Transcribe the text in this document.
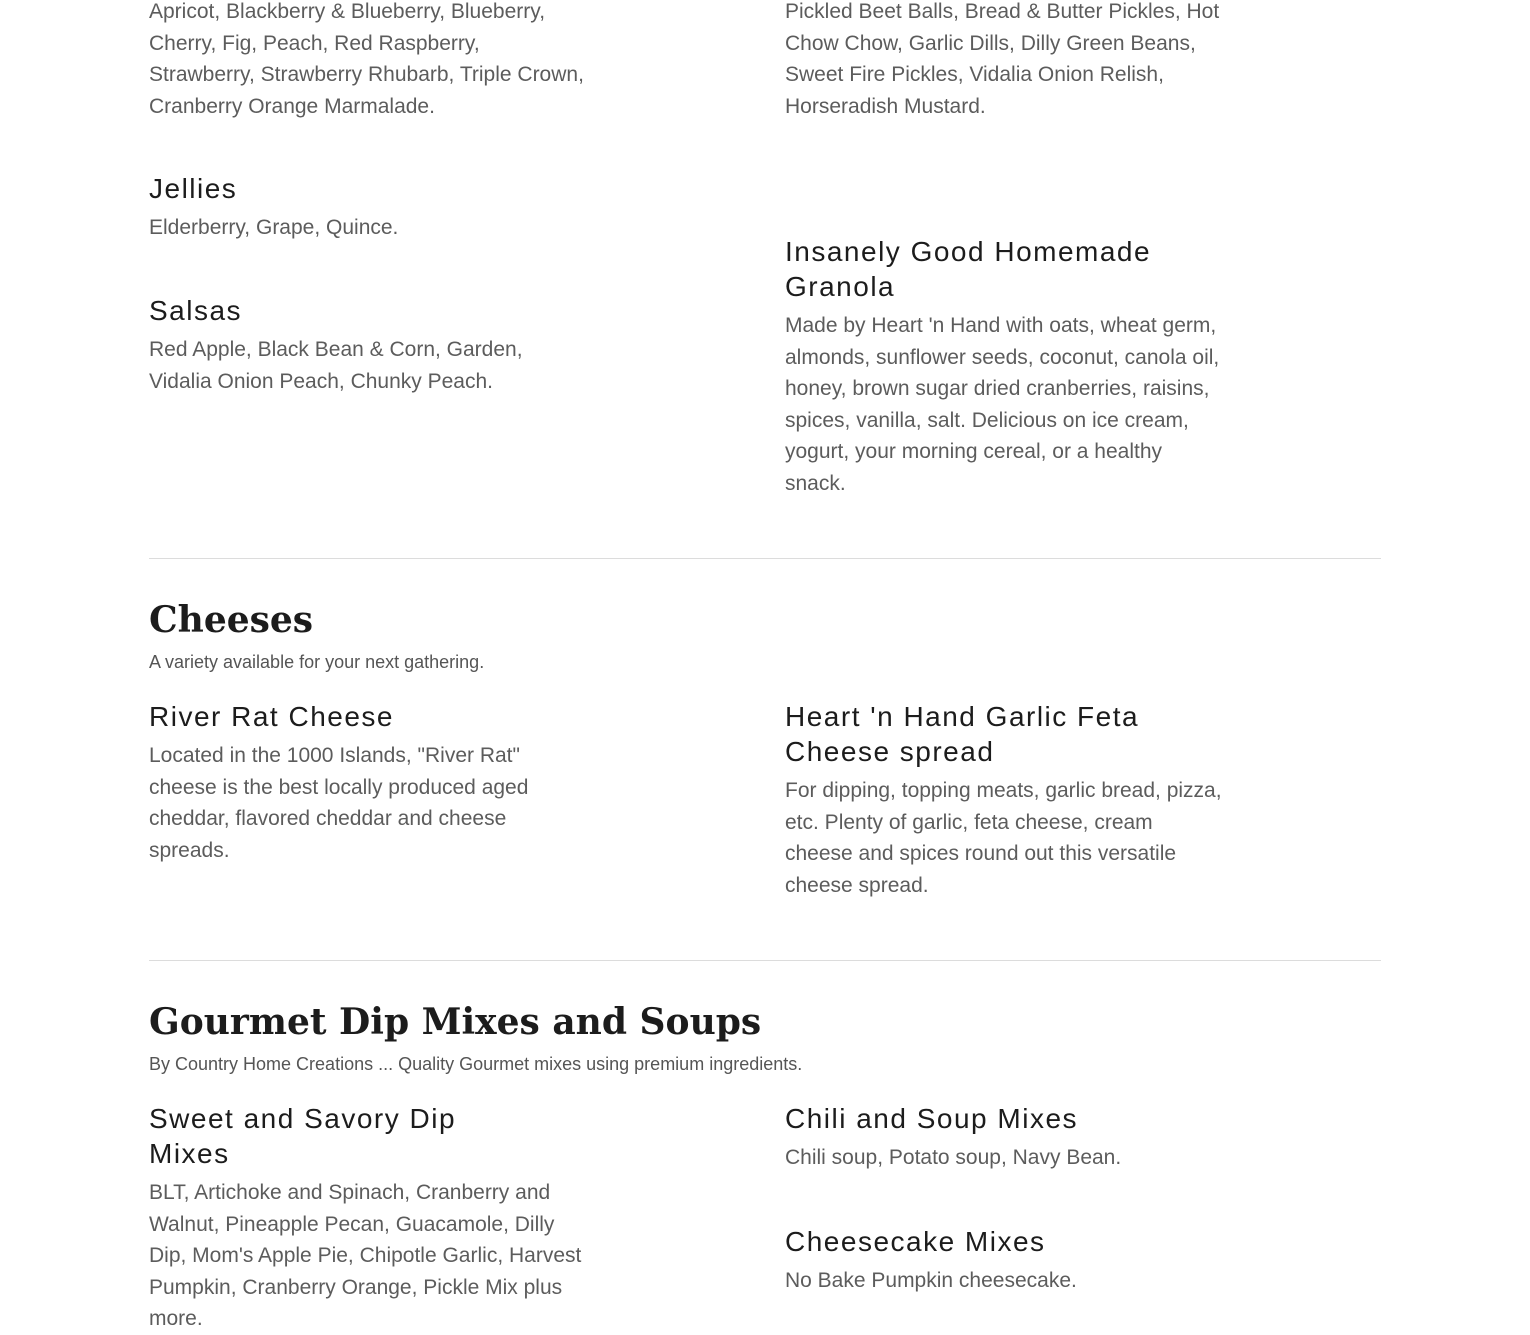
Apricot, Blackberry & Blueberry, Blueberry, Cherry, Fig, Peach, Red Raspberry, Strawberry, Strawberry Rhubarb, Triple Crown, Cranberry Orange Marmalade.

Pickled Beet Balls, Bread & Butter Pickles, Hot Chow Chow, Garlic Dills, Dilly Green Beans, Sweet Fire Pickles, Vidalia Onion Relish, Horseradish Mustard.

Jellies

Elderberry, Grape, Quince.

Salsas

Red Apple, Black Bean & Corn, Garden, Vidalia Onion Peach, Chunky Peach.

Insanely Good Homemade Granola

Made by Heart 'n Hand with oats, wheat germ, almonds, sunflower seeds, coconut, canola oil, honey, brown sugar dried cranberries, raisins, spices, vanilla, salt. Delicious on ice cream, yogurt, your morning cereal, or a healthy snack.

Cheeses

A variety available for your next gathering.

River Rat Cheese

Located in the 1000 Islands, "River Rat" cheese is the best locally produced aged cheddar, flavored cheddar and cheese spreads.

Heart 'n Hand Garlic Feta Cheese spread

For dipping, topping meats, garlic bread, pizza, etc. Plenty of garlic, feta cheese, cream cheese and spices round out this versatile cheese spread.

Gourmet Dip Mixes and Soups

By Country Home Creations ... Quality Gourmet mixes using premium ingredients.

Sweet and Savory Dip Mixes

BLT, Artichoke and Spinach, Cranberry and Walnut, Pineapple Pecan, Guacamole, Dilly Dip, Mom's Apple Pie, Chipotle Garlic, Harvest Pumpkin, Cranberry Orange, Pickle Mix plus more.

Chili and Soup Mixes

Chili soup, Potato soup, Navy Bean.

Cheesecake Mixes

No Bake Pumpkin cheesecake.
